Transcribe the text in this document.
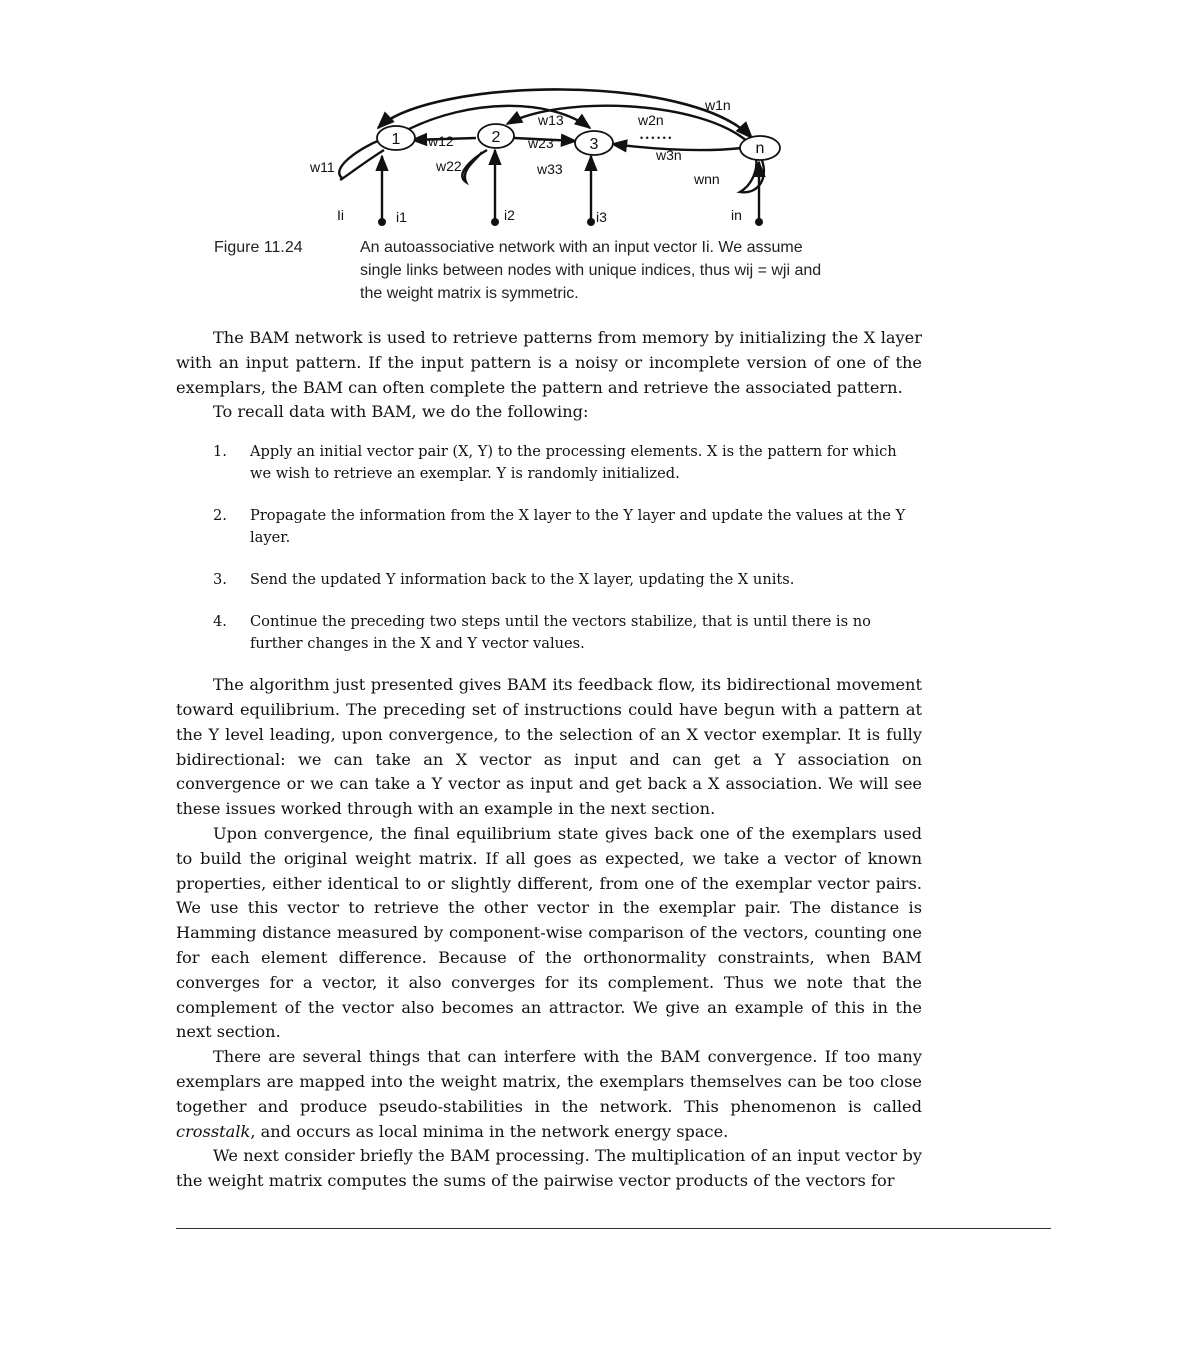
1	2	3	n
w11
w12
w13
w1n
w22
w23
w2n
w33
w3n
wnn
• • • • • •
Ii	i1	i2	i3	in
Figure 11.24	An autoassociative network with an input vector Ii. We assume single links between nodes with unique indices, thus wij = wji and the weight matrix is symmetric.

The BAM network is used to retrieve patterns from memory by initializing the X layer with an input pattern. If the input pattern is a noisy or incomplete version of one of the exemplars, the BAM can often complete the pattern and retrieve the associated pattern.

To recall data with BAM, we do the following:

1. Apply an initial vector pair (X, Y) to the processing elements. X is the pattern for which we wish to retrieve an exemplar. Y is randomly initialized.
2. Propagate the information from the X layer to the Y layer and update the values at the Y layer.
3. Send the updated Y information back to the X layer, updating the X units.
4. Continue the preceding two steps until the vectors stabilize, that is until there is no further changes in the X and Y vector values.

The algorithm just presented gives BAM its feedback flow, its bidirectional movement toward equilibrium. The preceding set of instructions could have begun with a pattern at the Y level leading, upon convergence, to the selection of an X vector exemplar. It is fully bidirectional: we can take an X vector as input and can get a Y association on convergence or we can take a Y vector as input and get back a X association. We will see these issues worked through with an example in the next section.

Upon convergence, the final equilibrium state gives back one of the exemplars used to build the original weight matrix. If all goes as expected, we take a vector of known properties, either identical to or slightly different, from one of the exemplar vector pairs. We use this vector to retrieve the other vector in the exemplar pair. The distance is Hamming distance measured by component-wise comparison of the vectors, counting one for each element difference. Because of the orthonormality constraints, when BAM converges for a vector, it also converges for its complement. Thus we note that the complement of the vector also becomes an attractor. We give an example of this in the next section.

There are several things that can interfere with the BAM convergence. If too many exemplars are mapped into the weight matrix, the exemplars themselves can be too close together and produce pseudo-stabilities in the network. This phenomenon is called crosstalk, and occurs as local minima in the network energy space.

We next consider briefly the BAM processing. The multiplication of an input vector by the weight matrix computes the sums of the pairwise vector products of the vectors for
